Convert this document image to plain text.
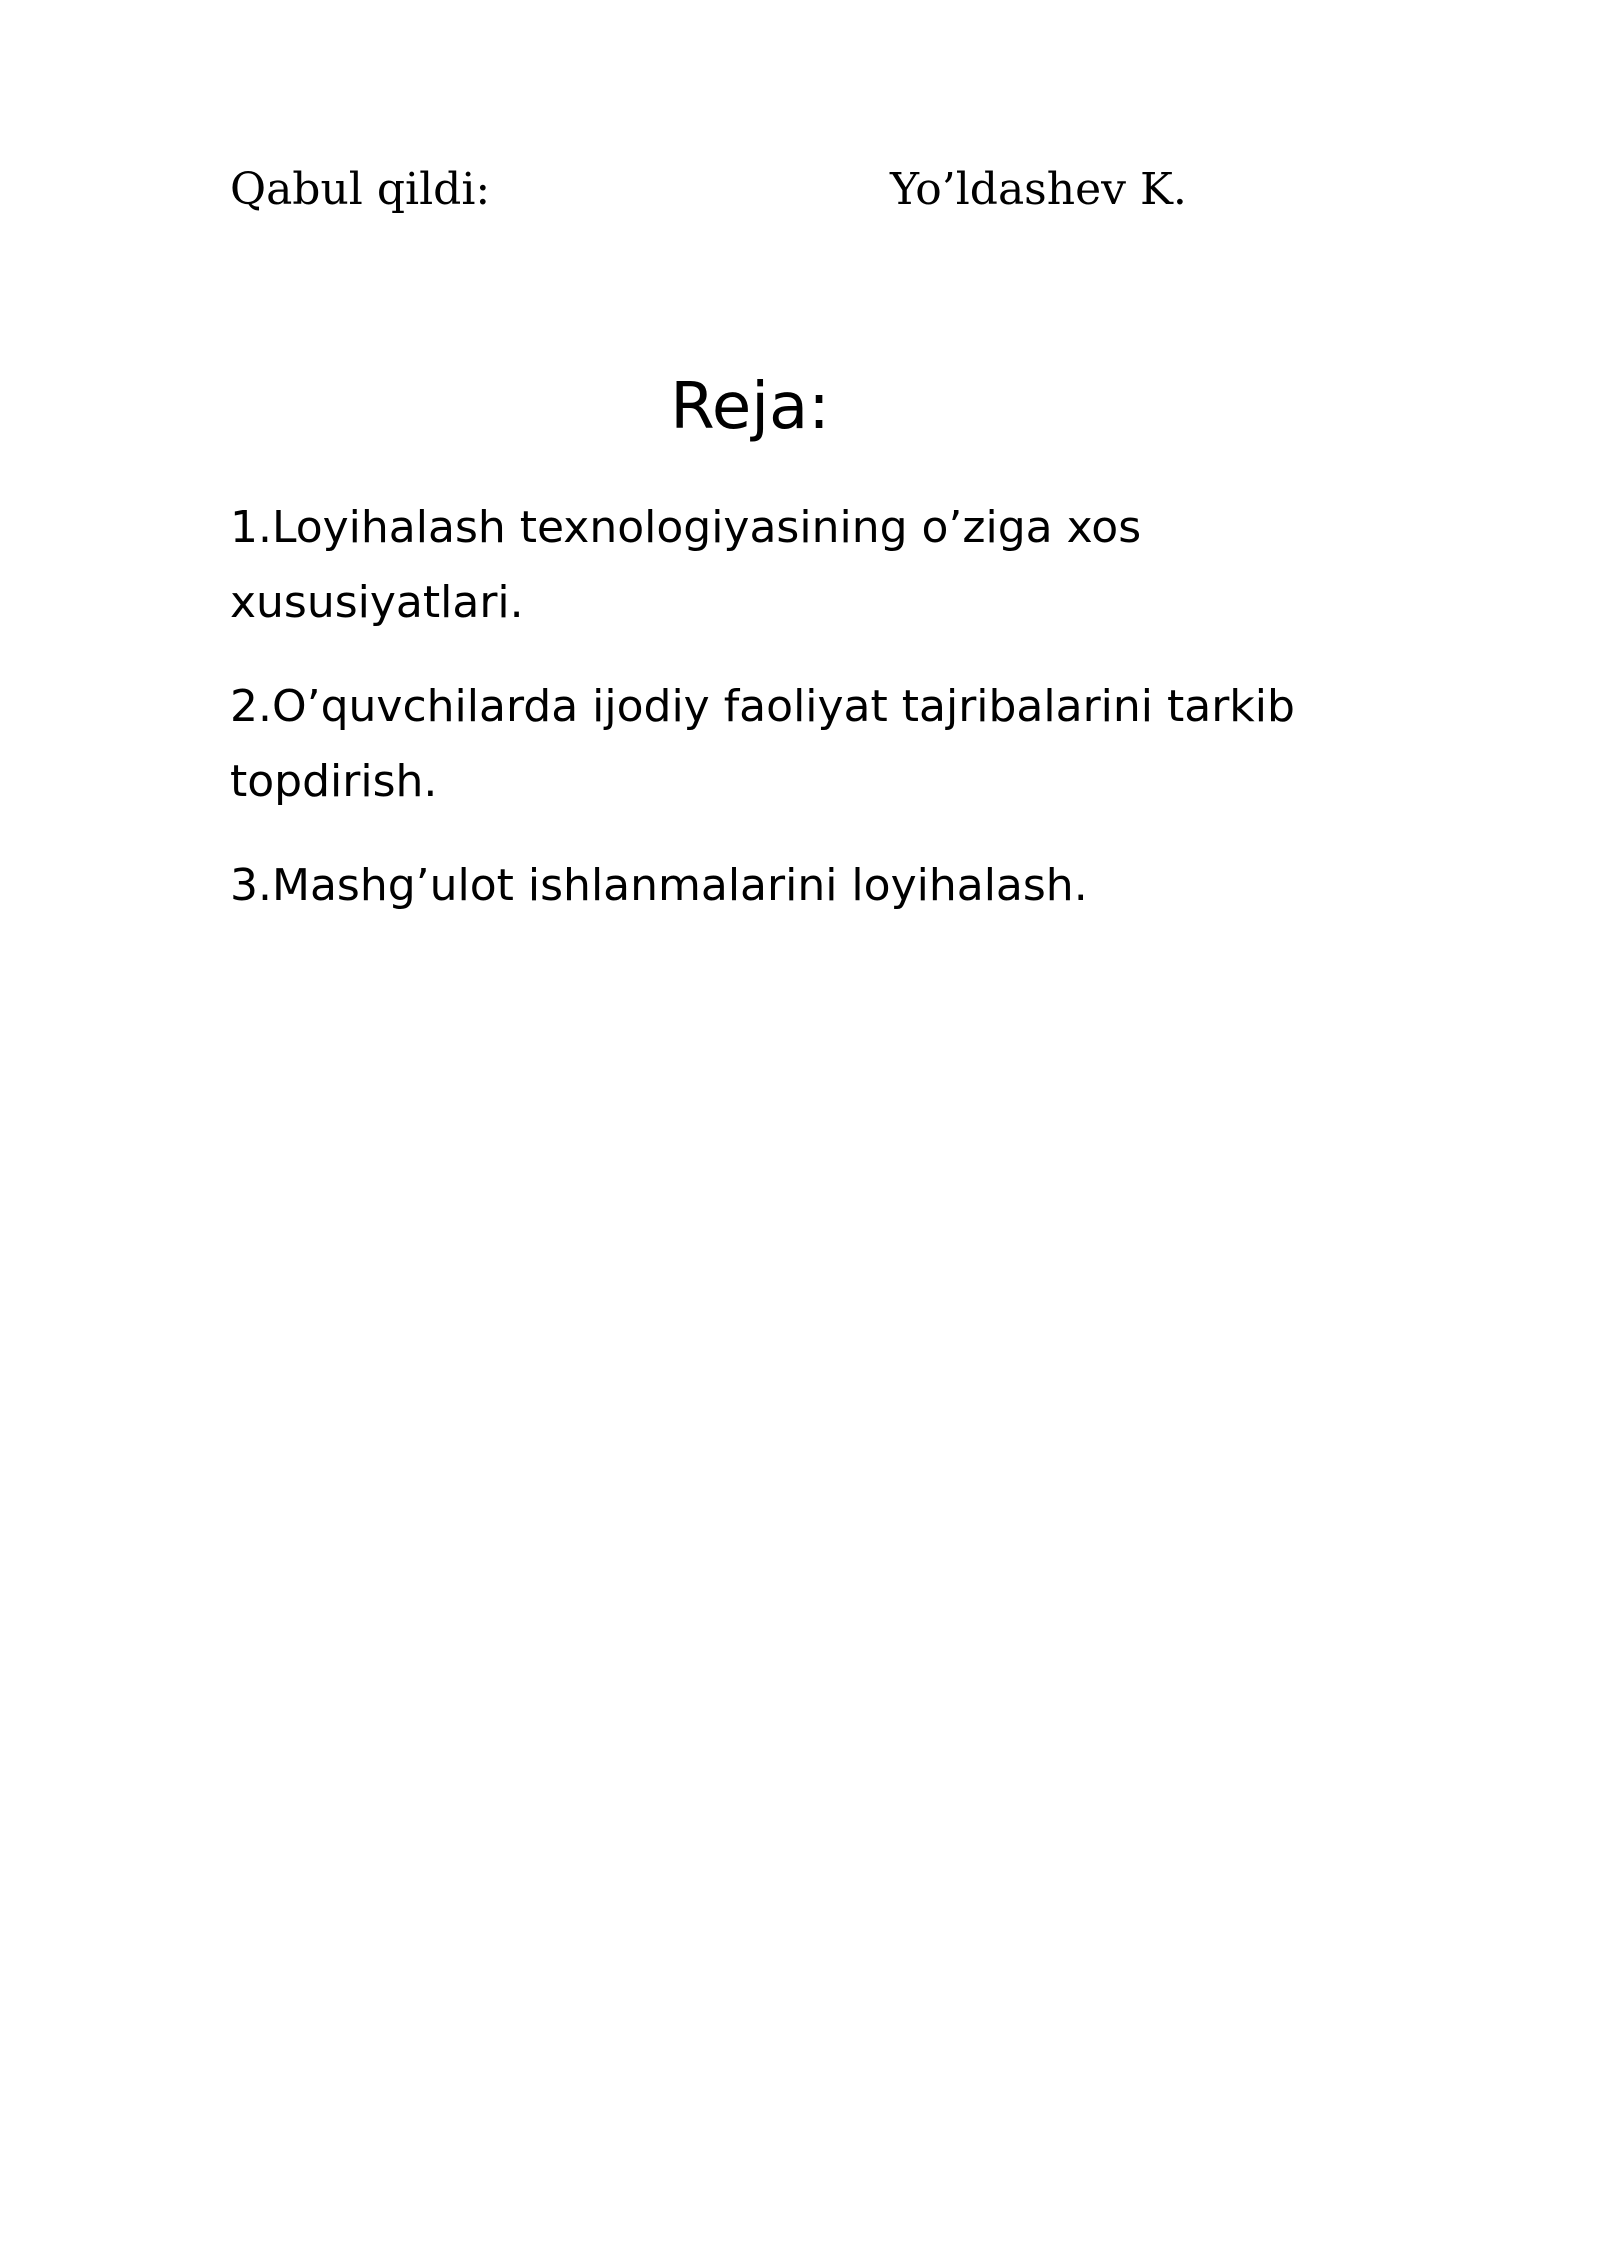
Qabul qildi:	Yo’ldashev K.
Reja:
1.Loyihalash texnologiyasining o’ziga xos xususiyatlari.
2.O’quvchilarda ijodiy faoliyat tajribalarini tarkib topdirish.
3.Mashg’ulot ishlanmalarini loyihalash.
